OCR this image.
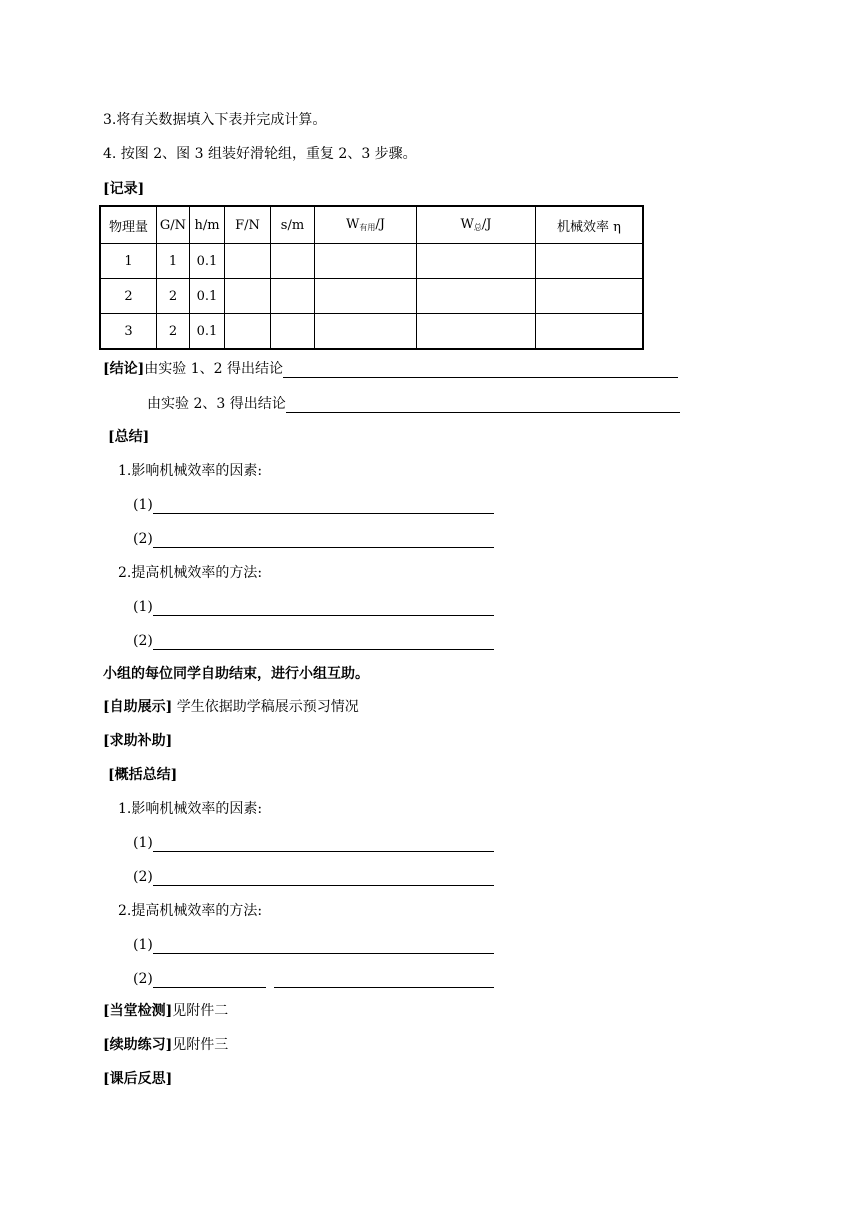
3.将有关数据填入下表并完成计算。
4. 按图 2、图 3 组装好滑轮组，重复 2、3 步骤。
[记录]
物理量	G/N	h/m	F/N	s/m	$W_{有用}/J$	$W_总/J$	机械效率 η
1	1	0.1					
2	2	0.1					
3	2	0.1					
[结论]由实验 1、2 得出结论
由实验 2、3 得出结论
[总结]
1.影响机械效率的因素:
(1)
(2)
2.提高机械效率的方法:
(1)
(2)
小组的每位同学自助结束，进行小组互助。
[自助展示] 学生依据助学稿展示预习情况
[求助补助]
[概括总结]
1.影响机械效率的因素:
(1)
(2)
2.提高机械效率的方法:
(1)
(2)
[当堂检测]见附件二
[续助练习]见附件三
[课后反思]
